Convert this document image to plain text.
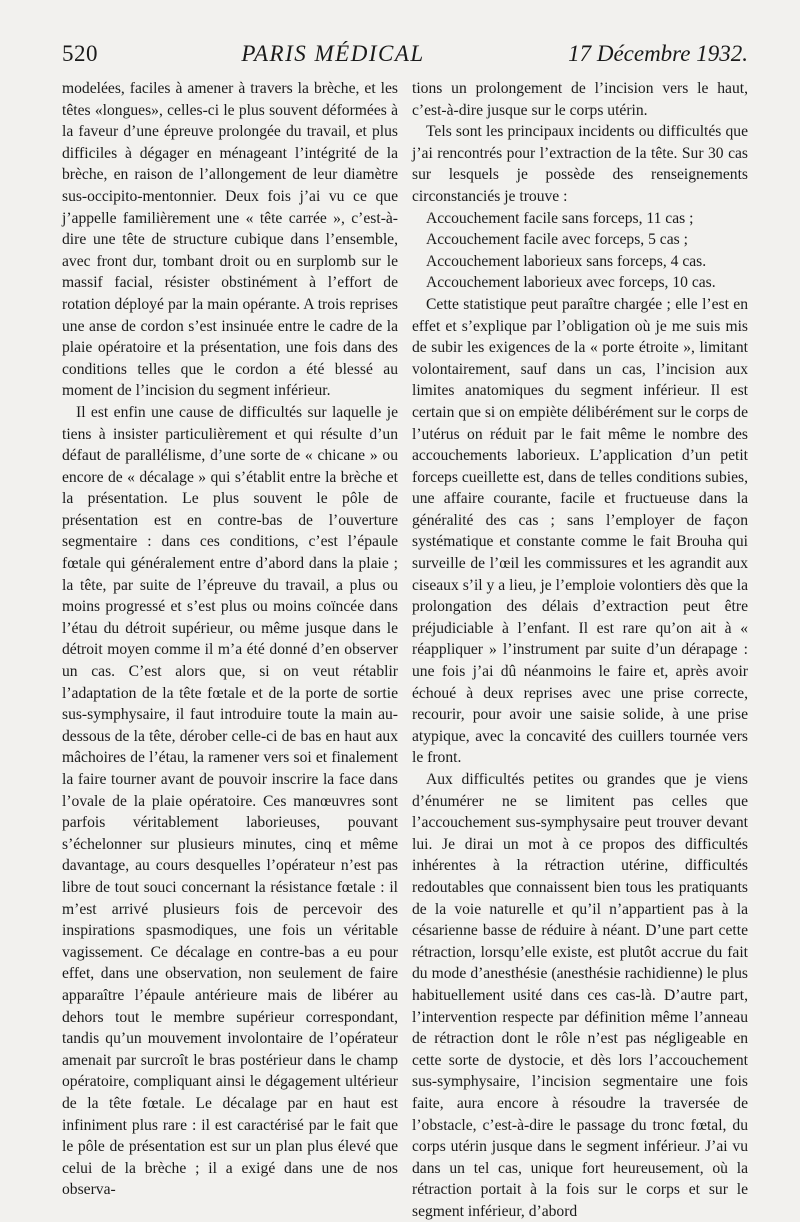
520	PARIS MÉDICAL	17 Décembre 1932.

modelées, faciles à amener à travers la brèche, et les têtes «longues», celles-ci le plus souvent déformées à la faveur d’une épreuve prolongée du travail, et plus difficiles à dégager en ménageant l’intégrité de la brèche, en raison de l’allongement de leur diamètre sus-occipito-mentonnier. Deux fois j’ai vu ce que j’appelle familièrement une « tête carrée », c’est-à-dire une tête de structure cubique dans l’ensemble, avec front dur, tombant droit ou en surplomb sur le massif facial, résister obstinément à l’effort de rotation déployé par la main opérante. A trois reprises une anse de cordon s’est insinuée entre le cadre de la plaie opératoire et la présentation, une fois dans des conditions telles que le cordon a été blessé au moment de l’incision du segment inférieur.

Il est enfin une cause de difficultés sur laquelle je tiens à insister particulièrement et qui résulte d’un défaut de parallélisme, d’une sorte de « chicane » ou encore de « décalage » qui s’établit entre la brèche et la présentation. Le plus souvent le pôle de présentation est en contre-bas de l’ouverture segmentaire : dans ces conditions, c’est l’épaule fœtale qui généralement entre d’abord dans la plaie ; la tête, par suite de l’épreuve du travail, a plus ou moins progressé et s’est plus ou moins coïncée dans l’étau du détroit supérieur, ou même jusque dans le détroit moyen comme il m’a été donné d’en observer un cas. C’est alors que, si on veut rétablir l’adaptation de la tête fœtale et de la porte de sortie sus-symphysaire, il faut introduire toute la main au-dessous de la tête, dérober celle-ci de bas en haut aux mâchoires de l’étau, la ramener vers soi et finalement la faire tourner avant de pouvoir inscrire la face dans l’ovale de la plaie opératoire. Ces manœuvres sont parfois véritablement laborieuses, pouvant s’échelonner sur plusieurs minutes, cinq et même davantage, au cours desquelles l’opérateur n’est pas libre de tout souci concernant la résistance fœtale : il m’est arrivé plusieurs fois de percevoir des inspirations spasmodiques, une fois un véritable vagissement. Ce décalage en contre-bas a eu pour effet, dans une observation, non seulement de faire apparaître l’épaule antérieure mais de libérer au dehors tout le membre supérieur correspondant, tandis qu’un mouvement involontaire de l’opérateur amenait par surcroît le bras postérieur dans le champ opératoire, compliquant ainsi le dégagement ultérieur de la tête fœtale. Le décalage par en haut est infiniment plus rare : il est caractérisé par le fait que le pôle de présentation est sur un plan plus élevé que celui de la brèche ; il a exigé dans une de nos observa-

tions un prolongement de l’incision vers le haut, c’est-à-dire jusque sur le corps utérin.

Tels sont les principaux incidents ou difficultés que j’ai rencontrés pour l’extraction de la tête. Sur 30 cas sur lesquels je possède des renseignements circonstanciés je trouve :

Accouchement facile sans forceps, 11 cas ;
Accouchement facile avec forceps, 5 cas ;
Accouchement laborieux sans forceps, 4 cas.
Accouchement laborieux avec forceps, 10 cas.

Cette statistique peut paraître chargée ; elle l’est en effet et s’explique par l’obligation où je me suis mis de subir les exigences de la « porte étroite », limitant volontairement, sauf dans un cas, l’incision aux limites anatomiques du segment inférieur. Il est certain que si on empiète délibérément sur le corps de l’utérus on réduit par le fait même le nombre des accouchements laborieux. L’application d’un petit forceps cueillette est, dans de telles conditions subies, une affaire courante, facile et fructueuse dans la généralité des cas ; sans l’employer de façon systématique et constante comme le fait Brouha qui surveille de l’œil les commissures et les agrandit aux ciseaux s’il y a lieu, je l’emploie volontiers dès que la prolongation des délais d’extraction peut être préjudiciable à l’enfant. Il est rare qu’on ait à « réappliquer » l’instrument par suite d’un dérapage : une fois j’ai dû néanmoins le faire et, après avoir échoué à deux reprises avec une prise correcte, recourir, pour avoir une saisie solide, à une prise atypique, avec la concavité des cuillers tournée vers le front.

Aux difficultés petites ou grandes que je viens d’énumérer ne se limitent pas celles que l’accouchement sus-symphysaire peut trouver devant lui. Je dirai un mot à ce propos des difficultés inhérentes à la rétraction utérine, difficultés redoutables que connaissent bien tous les pratiquants de la voie naturelle et qu’il n’appartient pas à la césarienne basse de réduire à néant. D’une part cette rétraction, lorsqu’elle existe, est plutôt accrue du fait du mode d’anesthésie (anesthésie rachidienne) le plus habituellement usité dans ces cas-là. D’autre part, l’intervention respecte par définition même l’anneau de rétraction dont le rôle n’est pas négligeable en cette sorte de dystocie, et dès lors l’accouchement sus-symphysaire, l’incision segmentaire une fois faite, aura encore à résoudre la traversée de l’obstacle, c’est-à-dire le passage du tronc fœtal, du corps utérin jusque dans le segment inférieur. J’ai vu dans un tel cas, unique fort heureusement, où la rétraction portait à la fois sur le corps et sur le segment inférieur, d’abord
